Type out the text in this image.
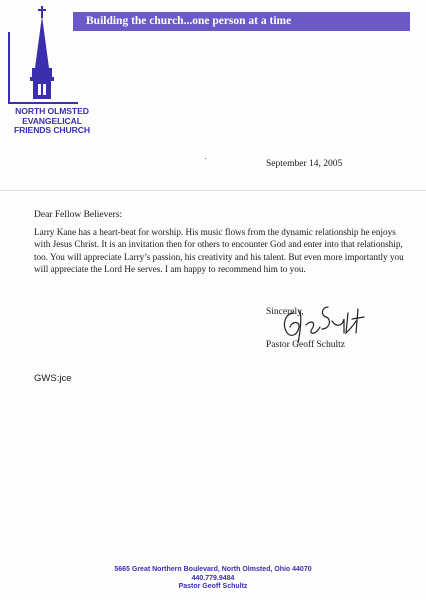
NORTH OLMSTED
EVANGELICAL
FRIENDS CHURCH
Building the church...one person at a time
September 14, 2005
Dear Fellow Believers:
Larry Kane has a heart-beat for worship. His music flows from the dynamic relationship he enjoys with Jesus Christ. It is an invitation then for others to encounter God and enter into that relationship, too. You will appreciate Larry’s passion, his creativity and his talent. But even more importantly you will appreciate the Lord He serves. I am happy to recommend him to you.
Sincerely,
Pastor Geoff Schultz
GWS:jce
5665 Great Northern Boulevard, North Olmsted, Ohio 44070
440.779.9484
Pastor Geoff Schultz
